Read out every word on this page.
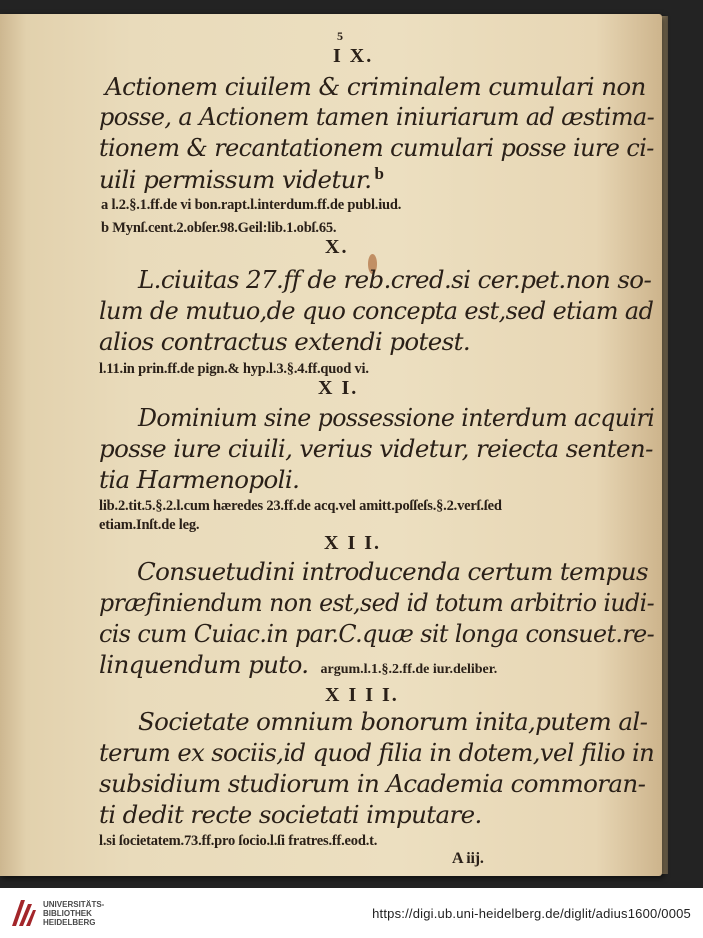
5
I X.
Actionem ciuilem & criminalem cumulari non
posse, a Actionem tamen iniuriarum ad æstima-
tionem & recantationem cumulari posse iure ci-
uili permissum videtur. $^b$
a l.2.§.1.ff.de vi bon.rapt.l.interdum.ff.de publ.iud.
b Mynſ.cent.2.obſer.98.Geil:lib.1.obſ.65.
X.
L.ciuitas 27.ff de reb.cred.si cer.pet.non so-
lum de mutuo,de quo concepta est,sed etiam ad
alios contractus extendi potest.
l.11.in prin.ff.de pign.& hyp.l.3.§.4.ff.quod vi.
X I.
Dominium sine possessione interdum acquiri
posse iure ciuili, verius videtur, reiecta senten-
tia Harmenopoli.
lib.2.tit.5.§.2.l.cum hæredes 23.ff.de acq.vel amitt.poſſeſs.§.2.verſ.ſed
etiam.Inſt.de leg.
X I I.
Consuetudini introducenda certum tempus
præfiniendum non est,sed id totum arbitrio iudi-
cis cum Cuiac.in par.C.quæ sit longa consuet.re-
linquendum puto. argum.l.1.§.2.ff.de iur.deliber.
X I I I.
Societate omnium bonorum inita,putem al-
terum ex sociis,id quod filia in dotem,vel filio in
subsidium studiorum in Academia commoran-
ti dedit recte societati imputare.
l.si ſocietatem.73.ff.pro ſocio.l.ſi fratres.ff.eod.t.
A iij.
UNIVERSITÄTS-
BIBLIOTHEK
HEIDELBERG
https://digi.ub.uni-heidelberg.de/diglit/adius1600/0005
